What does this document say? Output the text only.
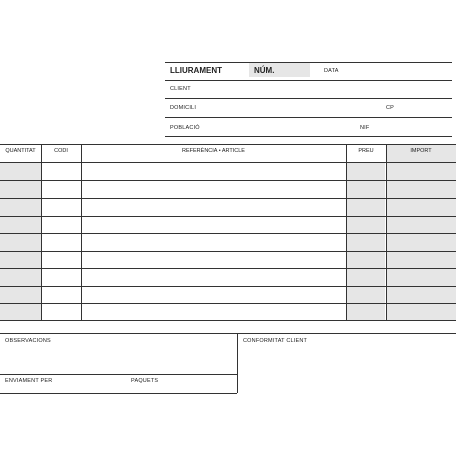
LLIURAMENT	NÚM.	DATA
CLIENT
DOMICILI	CP
POBLACIÓ	NIF
QUANTITAT	CODI	REFERÈNCIA • ARTICLE	PREU	IMPORT
OBSERVACIONS	CONFORMITAT CLIENT
ENVIAMENT PER	PAQUETS
